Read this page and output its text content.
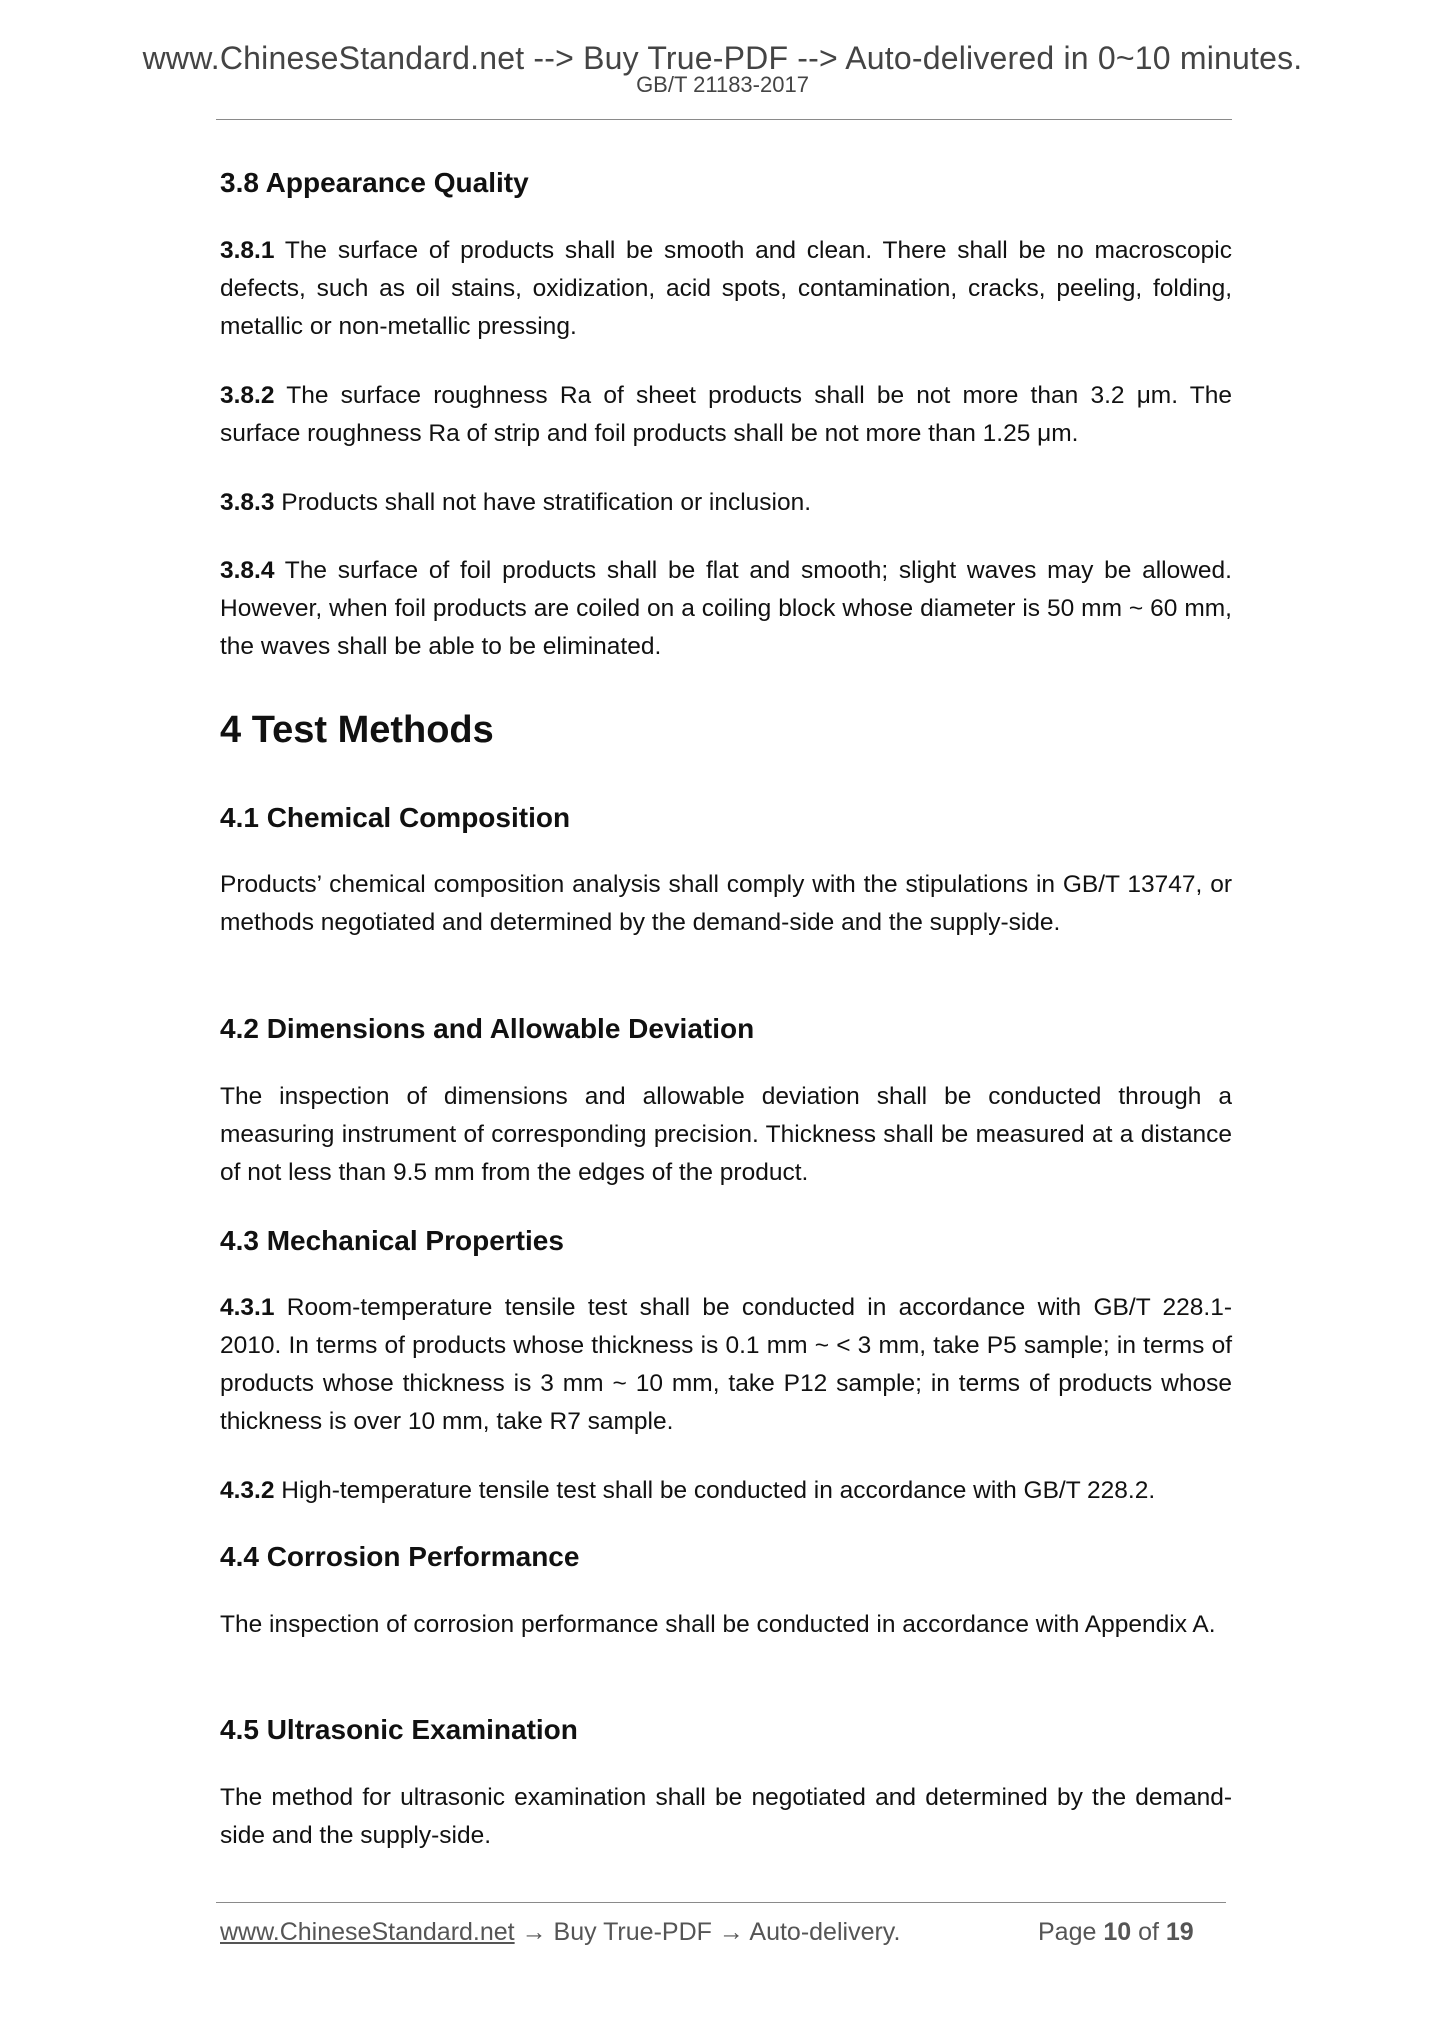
www.ChineseStandard.net --> Buy True-PDF --> Auto-delivered in 0~10 minutes.
GB/T 21183-2017
3.8 Appearance Quality

3.8.1 The surface of products shall be smooth and clean. There shall be no macroscopic defects, such as oil stains, oxidization, acid spots, contamination, cracks, peeling, folding, metallic or non-metallic pressing.

3.8.2 The surface roughness Ra of sheet products shall be not more than 3.2 μm. The surface roughness Ra of strip and foil products shall be not more than 1.25 μm.

3.8.3 Products shall not have stratification or inclusion.

3.8.4 The surface of foil products shall be flat and smooth; slight waves may be allowed. However, when foil products are coiled on a coiling block whose diameter is 50 mm ~ 60 mm, the waves shall be able to be eliminated.

4 Test Methods
4.1 Chemical Composition

Products’ chemical composition analysis shall comply with the stipulations in GB/T 13747, or methods negotiated and determined by the demand-side and the supply-side.

4.2 Dimensions and Allowable Deviation

The inspection of dimensions and allowable deviation shall be conducted through a measuring instrument of corresponding precision. Thickness shall be measured at a distance of not less than 9.5 mm from the edges of the product.

4.3 Mechanical Properties

4.3.1 Room-temperature tensile test shall be conducted in accordance with GB/T 228.1-2010. In terms of products whose thickness is 0.1 mm ~ < 3 mm, take P5 sample; in terms of products whose thickness is 3 mm ~ 10 mm, take P12 sample; in terms of products whose thickness is over 10 mm, take R7 sample.

4.3.2 High-temperature tensile test shall be conducted in accordance with GB/T 228.2.

4.4 Corrosion Performance

The inspection of corrosion performance shall be conducted in accordance with Appendix A.

4.5 Ultrasonic Examination

The method for ultrasonic examination shall be negotiated and determined by the demand-side and the supply-side.

www.ChineseStandard.net → Buy True-PDF → Auto-delivery.	Page 10 of 19
